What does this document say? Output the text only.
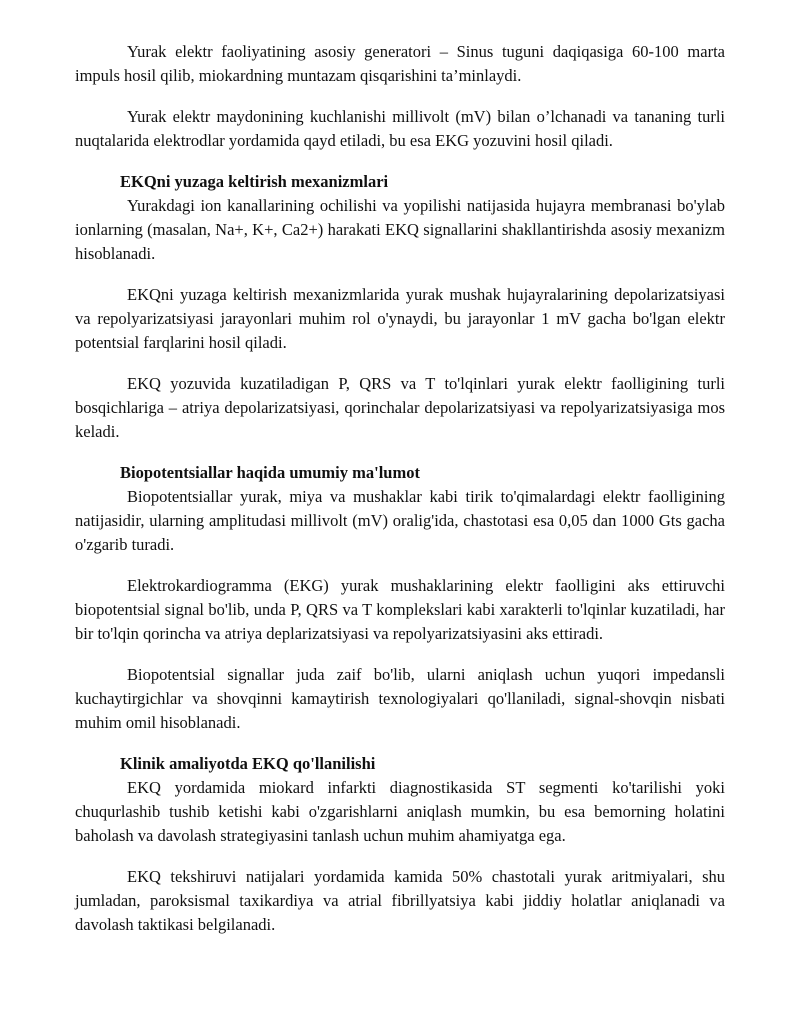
Yurak elektr faoliyatining asosiy generatori – Sinus tuguni daqiqasiga 60-100 marta impuls hosil qilib, miokardning muntazam qisqarishini ta’minlaydi.

Yurak elektr maydonining kuchlanishi millivolt (mV) bilan o’lchanadi va tananing turli nuqtalarida elektrodlar yordamida qayd etiladi, bu esa EKG yozuvini hosil qiladi.

EKQni yuzaga keltirish mexanizmlari

Yurakdagi ion kanallarining ochilishi va yopilishi natijasida hujayra membranasi bo'ylab ionlarning (masalan, Na+, K+, Ca2+) harakati EKQ signallarini shakllantirishda asosiy mexanizm hisoblanadi.

EKQni yuzaga keltirish mexanizmlarida yurak mushak hujayralarining depolarizatsiyasi va repolyarizatsiyasi jarayonlari muhim rol o'ynaydi, bu jarayonlar 1 mV gacha bo'lgan elektr potentsial farqlarini hosil qiladi.

EKQ yozuvida kuzatiladigan P, QRS va T to'lqinlari yurak elektr faolligining turli bosqichlariga – atriya depolarizatsiyasi, qorinchalar depolarizatsiyasi va repolyarizatsiyasiga mos keladi.

Biopotentsiallar haqida umumiy ma'lumot

Biopotentsiallar yurak, miya va mushaklar kabi tirik to'qimalardagi elektr faolligining natijasidir, ularning amplitudasi millivolt (mV) oralig'ida, chastotasi esa 0,05 dan 1000 Gts gacha o'zgarib turadi.

Elektrokardiogramma (EKG) yurak mushaklarining elektr faolligini aks ettiruvchi biopotentsial signal bo'lib, unda P, QRS va T komplekslari kabi xarakterli to'lqinlar kuzatiladi, har bir to'lqin qorincha va atriya deplarizatsiyasi va repolyarizatsiyasini aks ettiradi.

Biopotentsial signallar juda zaif bo'lib, ularni aniqlash uchun yuqori impedansli kuchaytirgichlar va shovqinni kamaytirish texnologiyalari qo'llaniladi, signal-shovqin nisbati muhim omil hisoblanadi.

Klinik amaliyotda EKQ qo'llanilishi

EKQ yordamida miokard infarkti diagnostikasida ST segmenti ko'tarilishi yoki chuqurlashib tushib ketishi kabi o'zgarishlarni aniqlash mumkin, bu esa bemorning holatini baholash va davolash strategiyasini tanlash uchun muhim ahamiyatga ega.

EKQ tekshiruvi natijalari yordamida kamida 50% chastotali yurak aritmiyalari, shu jumladan, paroksismal taxikardiya va atrial fibrillyatsiya kabi jiddiy holatlar aniqlanadi va davolash taktikasi belgilanadi.
